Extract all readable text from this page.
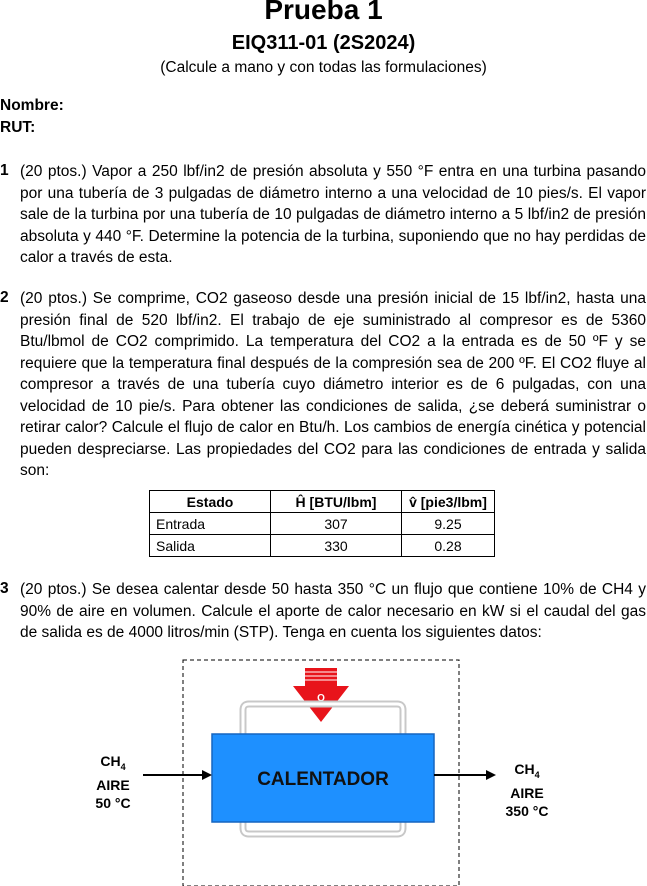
Prueba 1
EIQ311-01 (2S2024)
(Calcule a mano y con todas las formulaciones)
Nombre:
RUT:
1 (20 ptos.) Vapor a 250 lbf/in2 de presión absoluta y 550 °F entra en una turbina pasando por una tubería de 3 pulgadas de diámetro interno a una velocidad de 10 pies/s. El vapor sale de la turbina por una tubería de 10 pulgadas de diámetro interno a 5 lbf/in2 de presión absoluta y 440 °F. Determine la potencia de la turbina, suponiendo que no hay perdidas de calor a través de esta.
2 (20 ptos.) Se comprime, CO2 gaseoso desde una presión inicial de 15 lbf/in2, hasta una presión final de 520 lbf/in2. El trabajo de eje suministrado al compresor es de 5360 Btu/lbmol de CO2 comprimido. La temperatura del CO2 a la entrada es de 50 ºF y se requiere que la temperatura final después de la compresión sea de 200 ºF. El CO2 fluye al compresor a través de una tubería cuyo diámetro interior es de 6 pulgadas, con una velocidad de 10 pie/s. Para obtener las condiciones de salida, ¿se deberá suministrar o retirar calor? Calcule el flujo de calor en Btu/h. Los cambios de energía cinética y potencial pueden despreciarse. Las propiedades del CO2 para las condiciones de entrada y salida son:
Estado	Ĥ [BTU/lbm]	v̂ [pie3/lbm]
Entrada	307	9.25
Salida	330	0.28
3 (20 ptos.) Se desea calentar desde 50 hasta 350 °C un flujo que contiene 10% de CH4 y 90% de aire en volumen. Calcule el aporte de calor necesario en kW si el caudal del gas de salida es de 4000 litros/min (STP). Tenga en cuenta los siguientes datos:
Q
CALENTADOR
$CH_4$
AIRE
50 °C
$CH_4$
AIRE
350 °C
